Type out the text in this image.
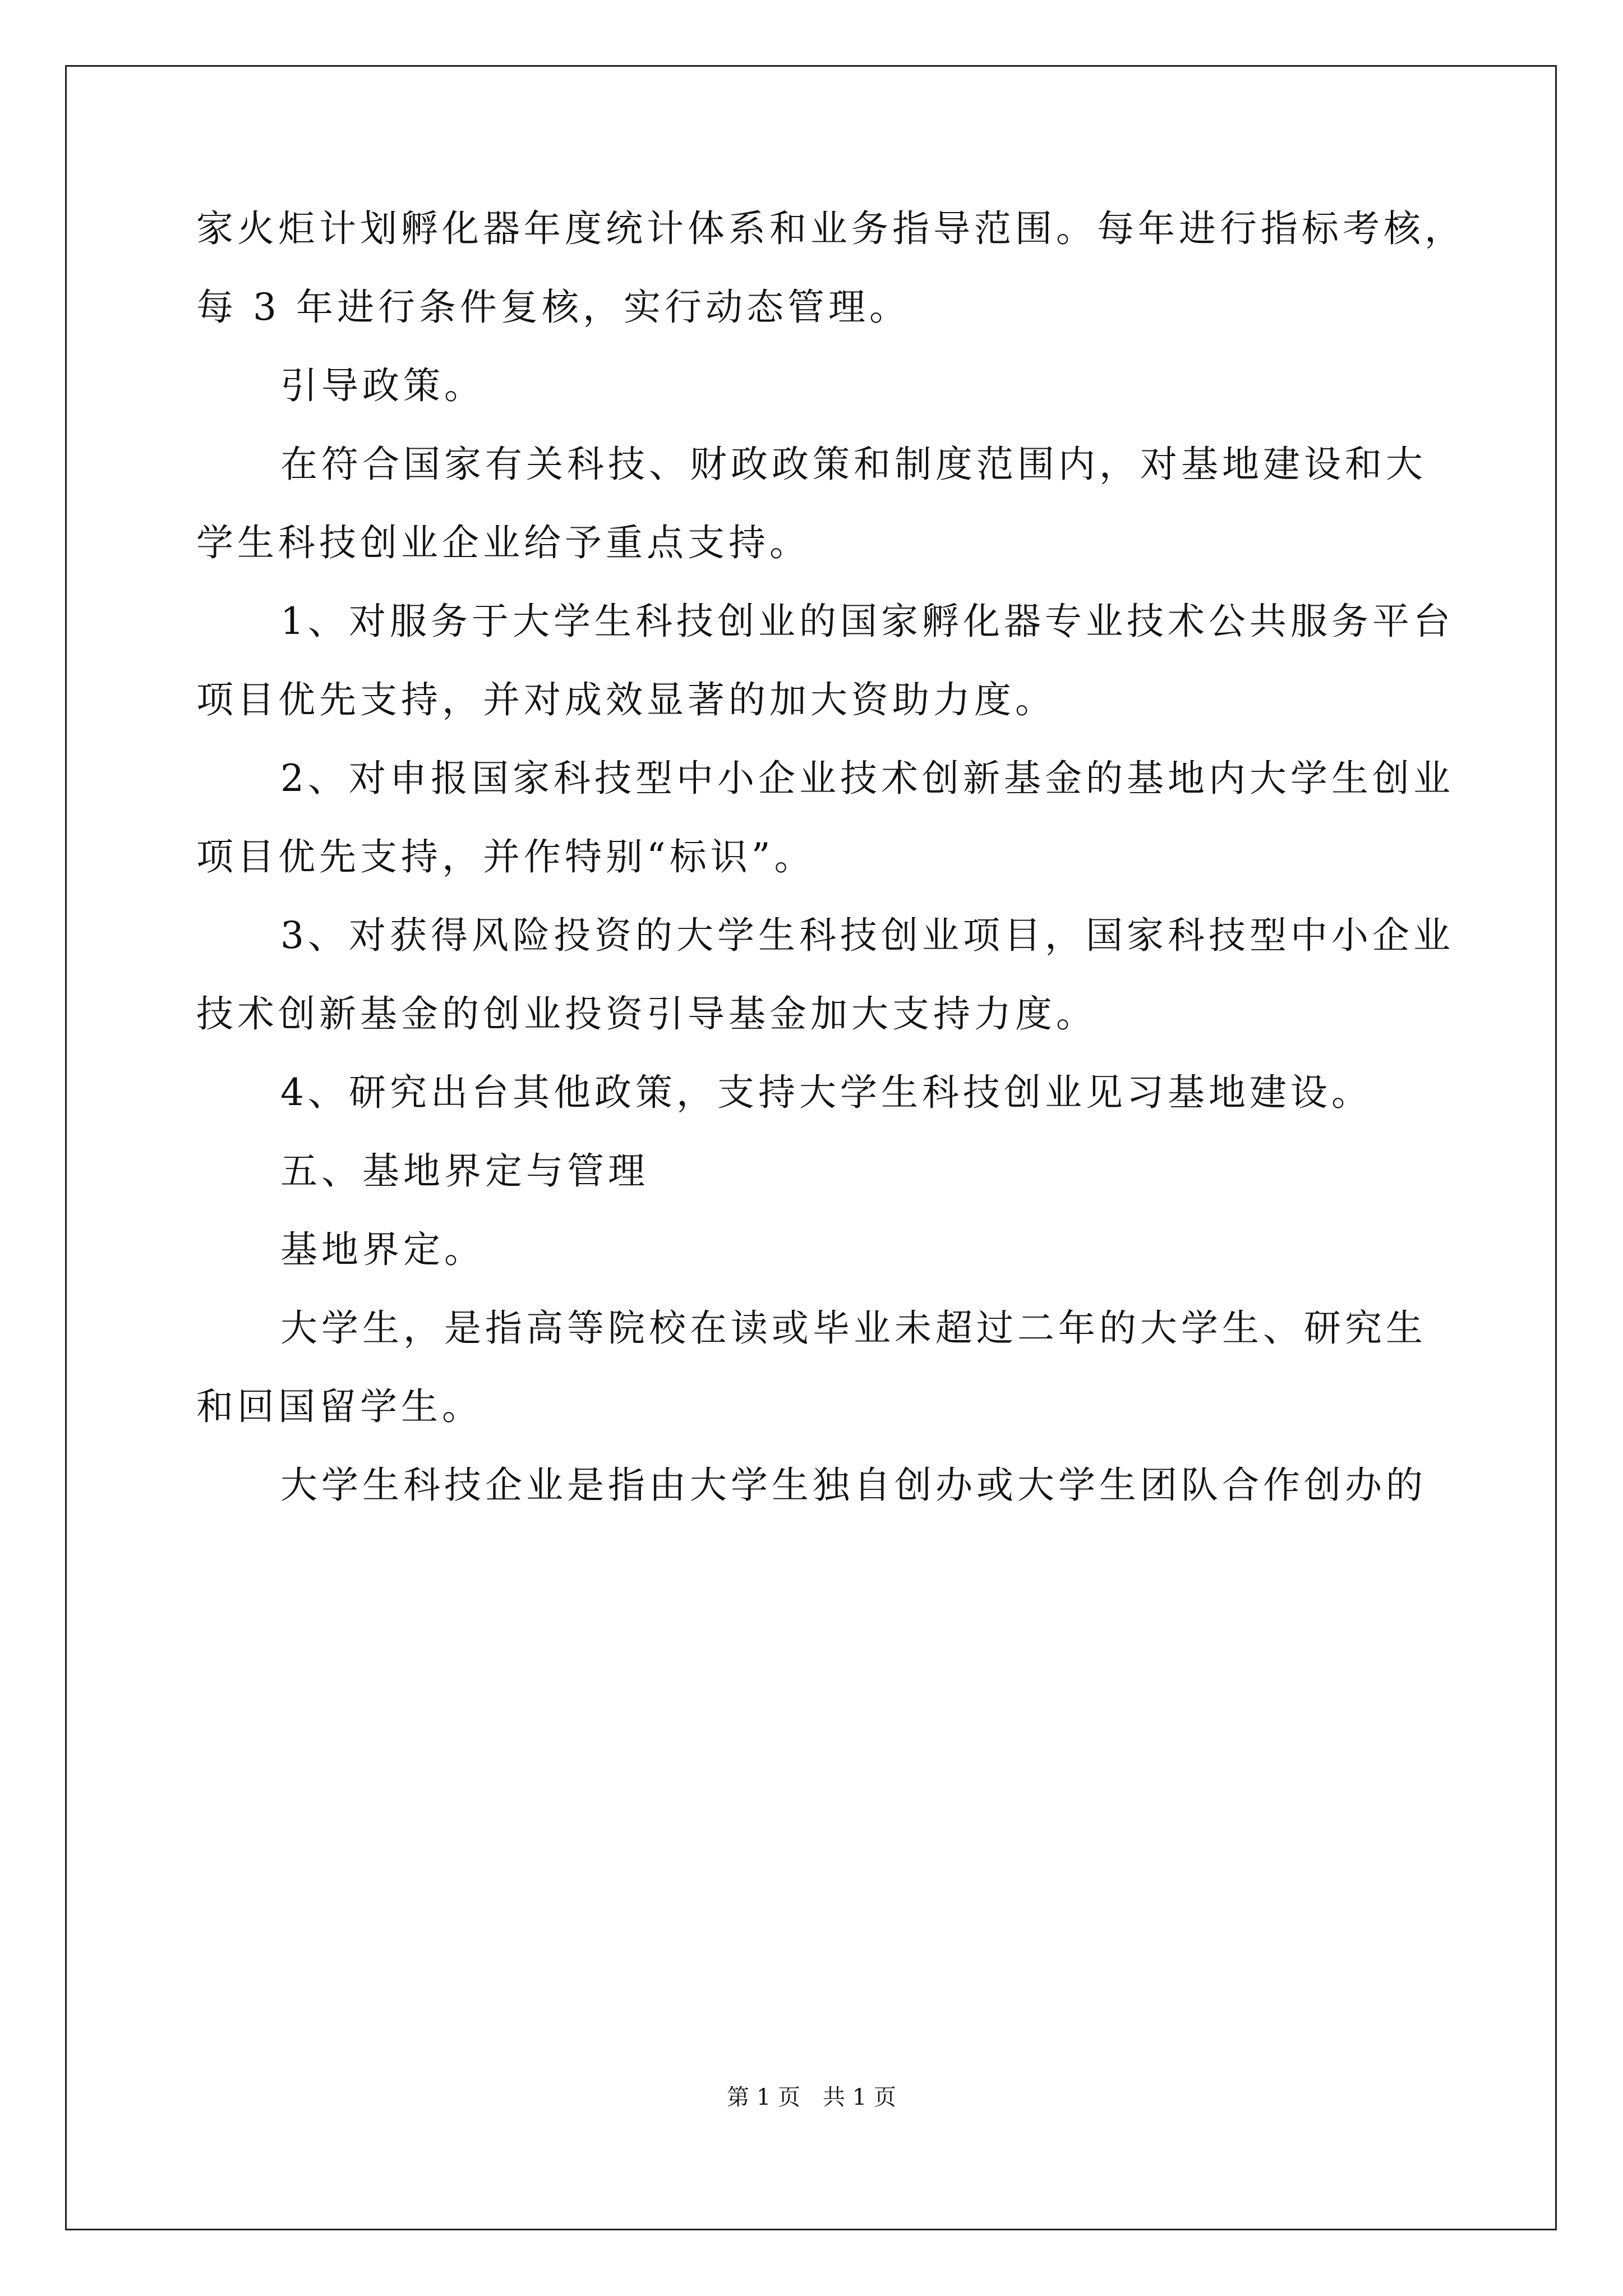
家火炬计划孵化器年度统计体系和业务指导范围。每年进行指标考核，

每 3 年进行条件复核，实行动态管理。

引导政策。

在符合国家有关科技、财政政策和制度范围内，对基地建设和大

学生科技创业企业给予重点支持。

1、对服务于大学生科技创业的国家孵化器专业技术公共服务平台

项目优先支持，并对成效显著的加大资助力度。

2、对申报国家科技型中小企业技术创新基金的基地内大学生创业

项目优先支持，并作特别“标识”。

3、对获得风险投资的大学生科技创业项目，国家科技型中小企业

技术创新基金的创业投资引导基金加大支持力度。

4、研究出台其他政策，支持大学生科技创业见习基地建设。

五、基地界定与管理

基地界定。

大学生，是指高等院校在读或毕业未超过二年的大学生、研究生

和回国留学生。

大学生科技企业是指由大学生独自创办或大学生团队合作创办的

第 1 页　共 1 页
